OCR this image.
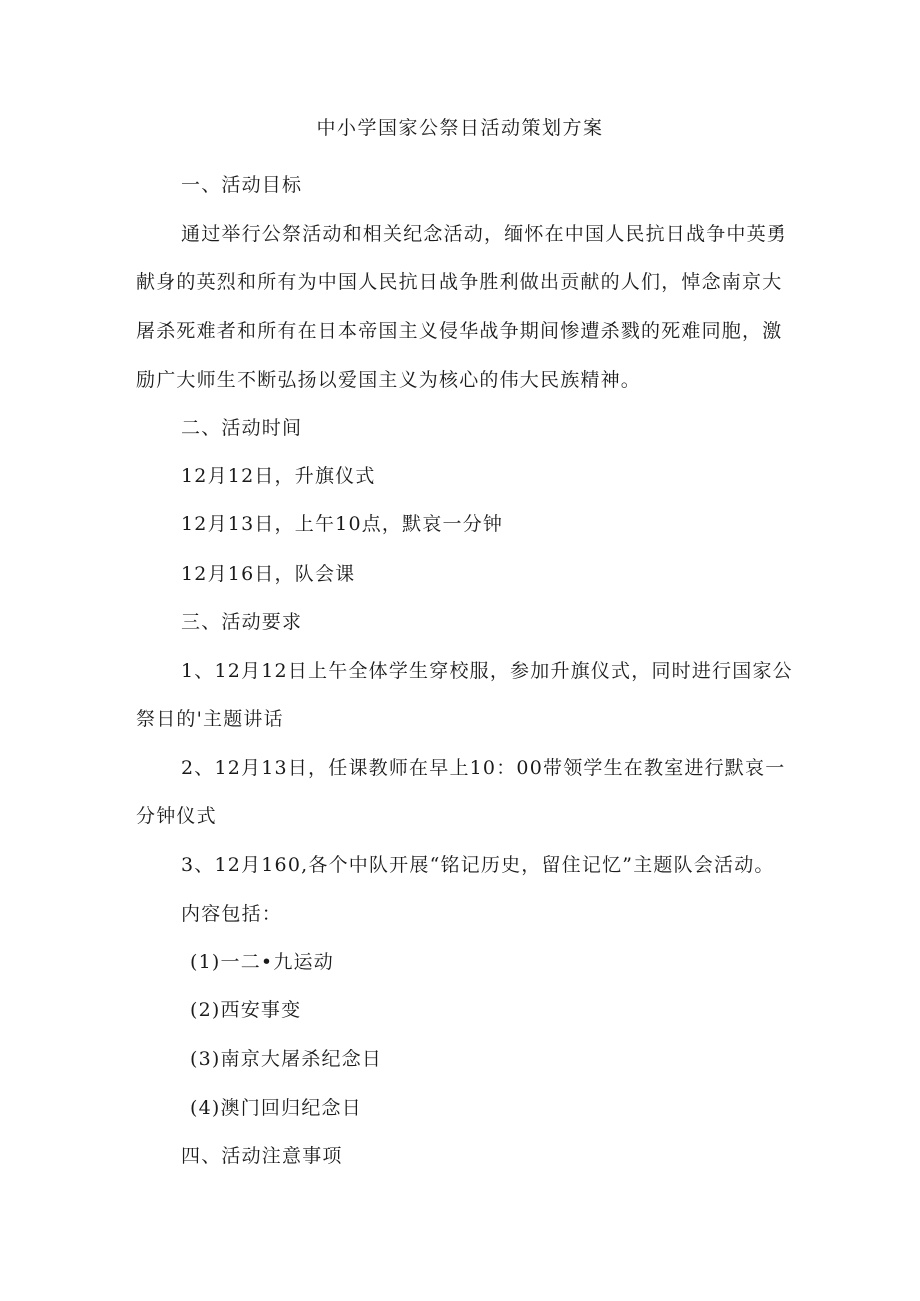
中小学国家公祭日活动策划方案
一、活动目标
通过举行公祭活动和相关纪念活动，缅怀在中国人民抗日战争中英勇
献身的英烈和所有为中国人民抗日战争胜利做出贡献的人们，悼念南京大
屠杀死难者和所有在日本帝国主义侵华战争期间惨遭杀戮的死难同胞，激
励广大师生不断弘扬以爱国主义为核心的伟大民族精神。
二、活动时间
12月12日，升旗仪式
12月13日，上午10点，默哀一分钟
12月16日，队会课
三、活动要求
1、12月12日上午全体学生穿校服，参加升旗仪式，同时进行国家公
祭日的'主题讲话
2、12月13日，任课教师在早上10：00带领学生在教室进行默哀一
分钟仪式
3、12月160,各个中队开展“铭记历史，留住记忆”主题队会活动。
内容包括：
(1)一二•九运动
(2)西安事变
(3)南京大屠杀纪念日
(4)澳门回归纪念日
四、活动注意事项
